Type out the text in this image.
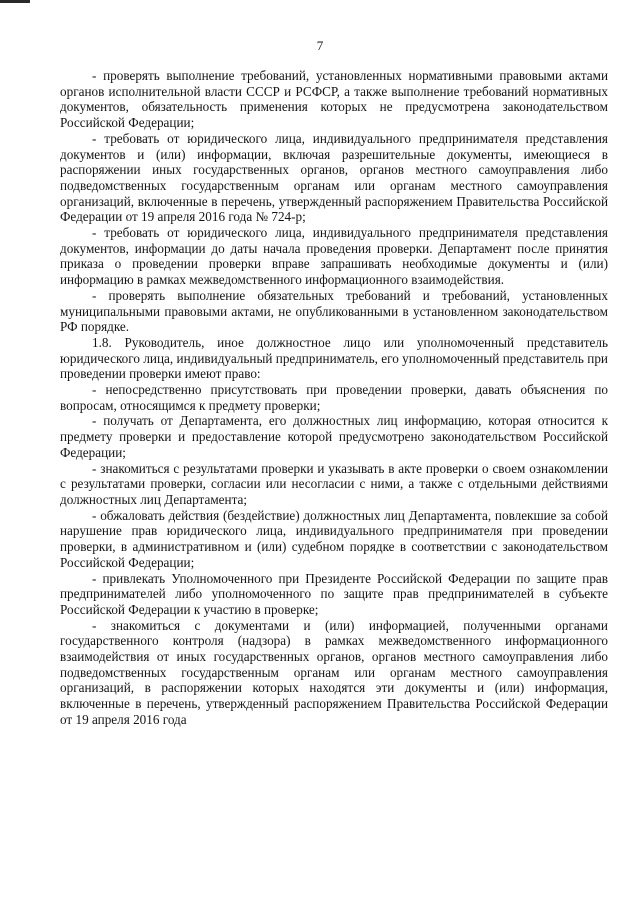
7

- проверять выполнение требований, установленных нормативными правовыми актами органов исполнительной власти СССР и РСФСР, а также выполнение требований нормативных документов, обязательность применения которых не предусмотрена законодательством Российской Федерации;

- требовать от юридического лица, индивидуального предпринимателя представления документов и (или) информации, включая разрешительные документы, имеющиеся в распоряжении иных государственных органов, органов местного самоуправления либо подведомственных государственным органам или органам местного самоуправления организаций, включенные в перечень, утвержденный распоряжением Правительства Российской Федерации от 19 апреля 2016 года № 724-р;

- требовать от юридического лица, индивидуального предпринимателя представления документов, информации до даты начала проведения проверки. Департамент после принятия приказа о проведении проверки вправе запрашивать необходимые документы и (или) информацию в рамках межведомственного информационного взаимодействия.

- проверять выполнение обязательных требований и требований, установленных муниципальными правовыми актами, не опубликованными в установленном законодательством РФ порядке.

1.8. Руководитель, иное должностное лицо или уполномоченный представитель юридического лица, индивидуальный предприниматель, его уполномоченный представитель при проведении проверки имеют право:

- непосредственно присутствовать при проведении проверки, давать объяснения по вопросам, относящимся к предмету проверки;

- получать от Департамента, его должностных лиц информацию, которая относится к предмету проверки и предоставление которой предусмотрено законодательством Российской Федерации;

- знакомиться с результатами проверки и указывать в акте проверки о своем ознакомлении с результатами проверки, согласии или несогласии с ними, а также с отдельными действиями должностных лиц Департамента;

- обжаловать действия (бездействие) должностных лиц Департамента, повлекшие за собой нарушение прав юридического лица, индивидуального предпринимателя при проведении проверки, в административном и (или) судебном порядке в соответствии с законодательством Российской Федерации;

- привлекать Уполномоченного при Президенте Российской Федерации по защите прав предпринимателей либо уполномоченного по защите прав предпринимателей в субъекте Российской Федерации к участию в проверке;

- знакомиться с документами и (или) информацией, полученными органами государственного контроля (надзора) в рамках межведомственного информационного взаимодействия от иных государственных органов, органов местного самоуправления либо подведомственных государственным органам или органам местного самоуправления организаций, в распоряжении которых находятся эти документы и (или) информация, включенные в перечень, утвержденный распоряжением Правительства Российской Федерации от 19 апреля 2016 года
